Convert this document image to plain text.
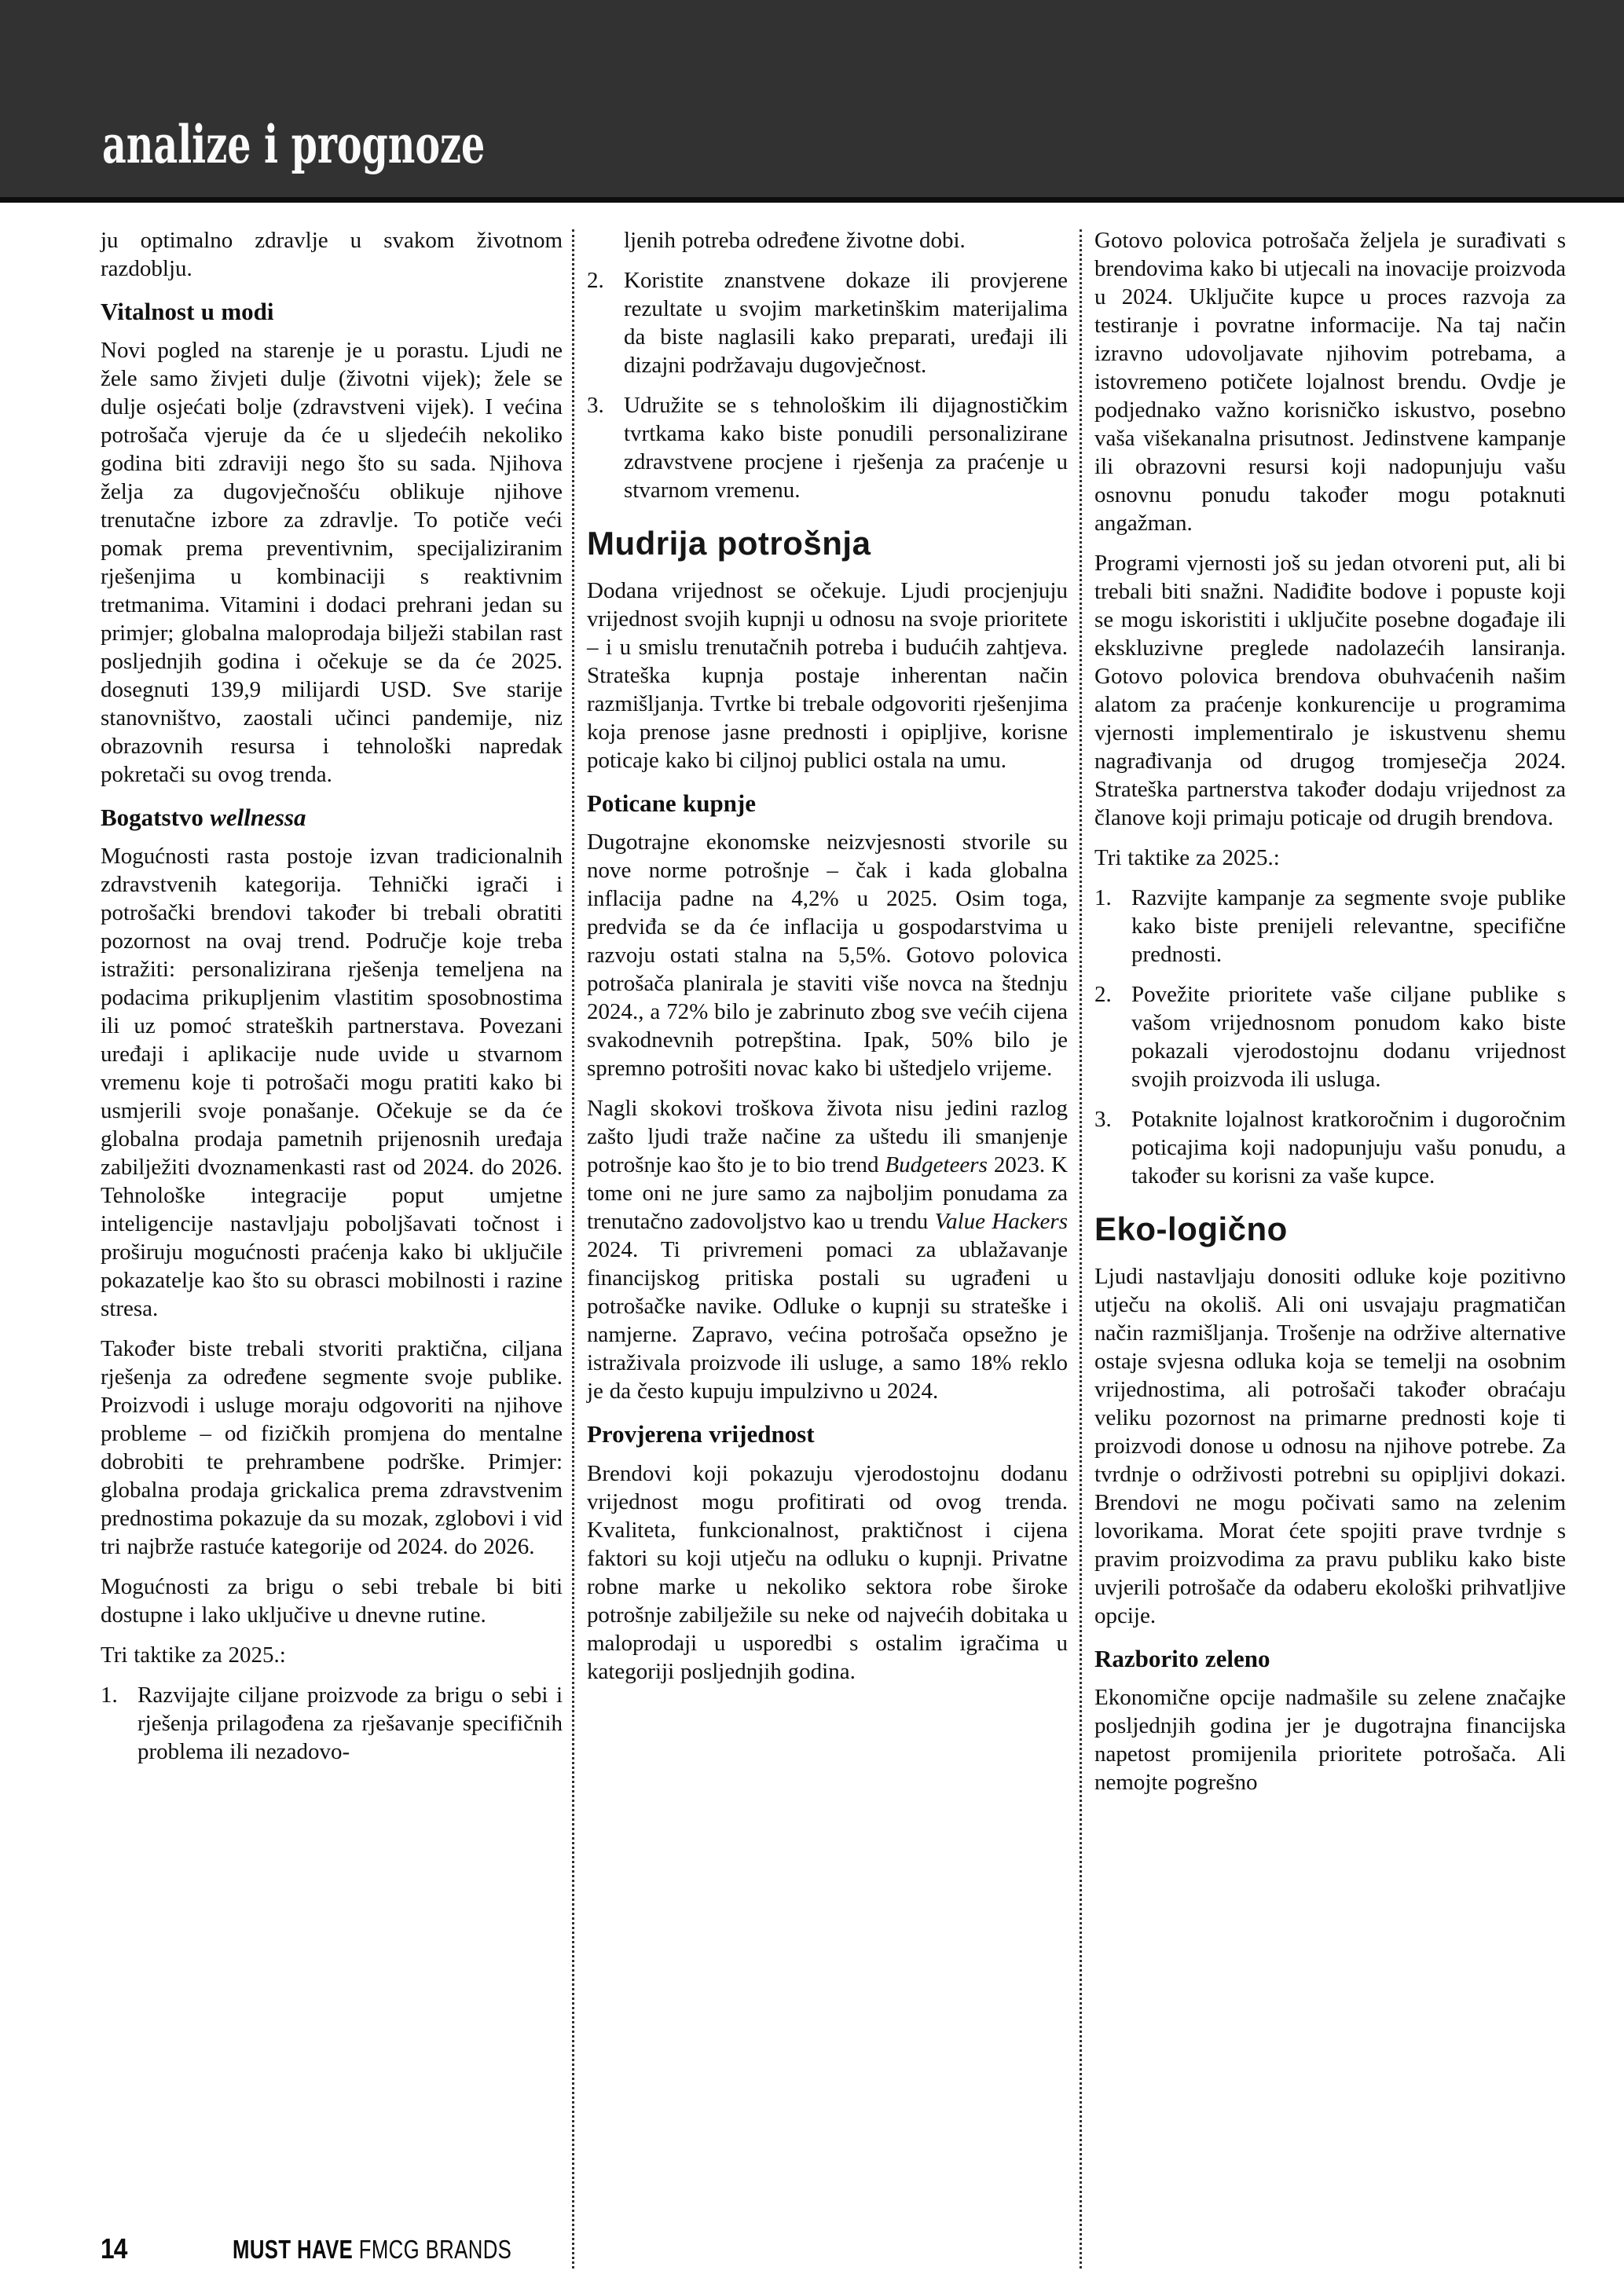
analize i prognoze
ju optimalno zdravlje u svakom životnom razdoblju.
Vitalnost u modi
Novi pogled na starenje je u porastu. Ljudi ne žele samo živjeti dulje (životni vijek); žele se dulje osjećati bolje (zdravstveni vijek). I većina potrošača vjeruje da će u sljedećih nekoliko godina biti zdraviji nego što su sada. Njihova želja za dugovječnošću oblikuje njihove trenutačne izbore za zdravlje. To potiče veći pomak prema preventivnim, specijaliziranim rješenjima u kombinaciji s reaktivnim tretmanima. Vitamini i dodaci prehrani jedan su primjer; globalna maloprodaja bilježi stabilan rast posljednjih godina i očekuje se da će 2025. dosegnuti 139,9 milijardi USD. Sve starije stanovništvo, zaostali učinci pandemije, niz obrazovnih resursa i tehnološki napredak pokretači su ovog trenda.
Bogatstvo wellnessa
Mogućnosti rasta postoje izvan tradicionalnih zdravstvenih kategorija. Tehnički igrači i potrošački brendovi također bi trebali obratiti pozornost na ovaj trend. Područje koje treba istražiti: personalizirana rješenja temeljena na podacima prikupljenim vlastitim sposobnostima ili uz pomoć strateških partnerstava. Povezani uređaji i aplikacije nude uvide u stvarnom vremenu koje ti potrošači mogu pratiti kako bi usmjerili svoje ponašanje. Očekuje se da će globalna prodaja pametnih prijenosnih uređaja zabilježiti dvoznamenkasti rast od 2024. do 2026. Tehnološke integracije poput umjetne inteligencije nastavljaju poboljšavati točnost i proširuju mogućnosti praćenja kako bi uključile pokazatelje kao što su obrasci mobilnosti i razine stresa.
Također biste trebali stvoriti praktična, ciljana rješenja za određene segmente svoje publike. Proizvodi i usluge moraju odgovoriti na njihove probleme – od fizičkih promjena do mentalne dobrobiti te prehrambene podrške. Primjer: globalna prodaja grickalica prema zdravstvenim prednostima pokazuje da su mozak, zglobovi i vid tri najbrže rastuće kategorije od 2024. do 2026.
Mogućnosti za brigu o sebi trebale bi biti dostupne i lako uključive u dnevne rutine.
Tri taktike za 2025.:
1. Razvijajte ciljane proizvode za brigu o sebi i rješenja prilagođena za rješavanje specifičnih problema ili nezadovo-
ljenih potreba određene životne dobi.
2. Koristite znanstvene dokaze ili provjerene rezultate u svojim marketinškim materijalima da biste naglasili kako preparati, uređaji ili dizajni podržavaju dugovječnost.
3. Udružite se s tehnološkim ili dijagnostičkim tvrtkama kako biste ponudili personalizirane zdravstvene procjene i rješenja za praćenje u stvarnom vremenu.
Mudrija potrošnja
Dodana vrijednost se očekuje. Ljudi procjenjuju vrijednost svojih kupnji u odnosu na svoje prioritete – i u smislu trenutačnih potreba i budućih zahtjeva. Strateška kupnja postaje inherentan način razmišljanja. Tvrtke bi trebale odgovoriti rješenjima koja prenose jasne prednosti i opipljive, korisne poticaje kako bi ciljnoj publici ostala na umu.
Poticane kupnje
Dugotrajne ekonomske neizvjesnosti stvorile su nove norme potrošnje – čak i kada globalna inflacija padne na 4,2% u 2025. Osim toga, predviđa se da će inflacija u gospodarstvima u razvoju ostati stalna na 5,5%. Gotovo polovica potrošača planirala je staviti više novca na štednju 2024., a 72% bilo je zabrinuto zbog sve većih cijena svakodnevnih potrepština. Ipak, 50% bilo je spremno potrošiti novac kako bi uštedjelo vrijeme.
Nagli skokovi troškova života nisu jedini razlog zašto ljudi traže načine za uštedu ili smanjenje potrošnje kao što je to bio trend Budgeteers 2023. K tome oni ne jure samo za najboljim ponudama za trenutačno zadovoljstvo kao u trendu Value Hackers 2024. Ti privremeni pomaci za ublažavanje financijskog pritiska postali su ugrađeni u potrošačke navike. Odluke o kupnji su strateške i namjerne. Zapravo, većina potrošača opsežno je istraživala proizvode ili usluge, a samo 18% reklo je da često kupuju impulzivno u 2024.
Provjerena vrijednost
Brendovi koji pokazuju vjerodostojnu dodanu vrijednost mogu profitirati od ovog trenda. Kvaliteta, funkcionalnost, praktičnost i cijena faktori su koji utječu na odluku o kupnji. Privatne robne marke u nekoliko sektora robe široke potrošnje zabilježile su neke od najvećih dobitaka u maloprodaji u usporedbi s ostalim igračima u kategoriji posljednjih godina.
Gotovo polovica potrošača željela je surađivati s brendovima kako bi utjecali na inovacije proizvoda u 2024. Uključite kupce u proces razvoja za testiranje i povratne informacije. Na taj način izravno udovoljavate njihovim potrebama, a istovremeno potičete lojalnost brendu. Ovdje je podjednako važno korisničko iskustvo, posebno vaša višekanalna prisutnost. Jedinstvene kampanje ili obrazovni resursi koji nadopunjuju vašu osnovnu ponudu također mogu potaknuti angažman.
Programi vjernosti još su jedan otvoreni put, ali bi trebali biti snažni. Nadiđite bodove i popuste koji se mogu iskoristiti i uključite posebne događaje ili ekskluzivne preglede nadolazećih lansiranja. Gotovo polovica brendova obuhvaćenih našim alatom za praćenje konkurencije u programima vjernosti implementiralo je iskustvenu shemu nagrađivanja od drugog tromjesečja 2024. Strateška partnerstva također dodaju vrijednost za članove koji primaju poticaje od drugih brendova.
Tri taktike za 2025.:
1. Razvijte kampanje za segmente svoje publike kako biste prenijeli relevantne, specifične prednosti.
2. Povežite prioritete vaše ciljane publike s vašom vrijednosnom ponudom kako biste pokazali vjerodostojnu dodanu vrijednost svojih proizvoda ili usluga.
3. Potaknite lojalnost kratkoročnim i dugoročnim poticajima koji nadopunjuju vašu ponudu, a također su korisni za vaše kupce.
Eko-logično
Ljudi nastavljaju donositi odluke koje pozitivno utječu na okoliš. Ali oni usvajaju pragmatičan način razmišljanja. Trošenje na održive alternative ostaje svjesna odluka koja se temelji na osobnim vrijednostima, ali potrošači također obraćaju veliku pozornost na primarne prednosti koje ti proizvodi donose u odnosu na njihove potrebe. Za tvrdnje o održivosti potrebni su opipljivi dokazi. Brendovi ne mogu počivati samo na zelenim lovorikama. Morat ćete spojiti prave tvrdnje s pravim proizvodima za pravu publiku kako biste uvjerili potrošače da odaberu ekološki prihvatljive opcije.
Razborito zeleno
Ekonomične opcije nadmašile su zelene značajke posljednjih godina jer je dugotrajna financijska napetost promijenila prioritete potrošača. Ali nemojte pogrešno
14	MUST HAVE FMCG BRANDS
